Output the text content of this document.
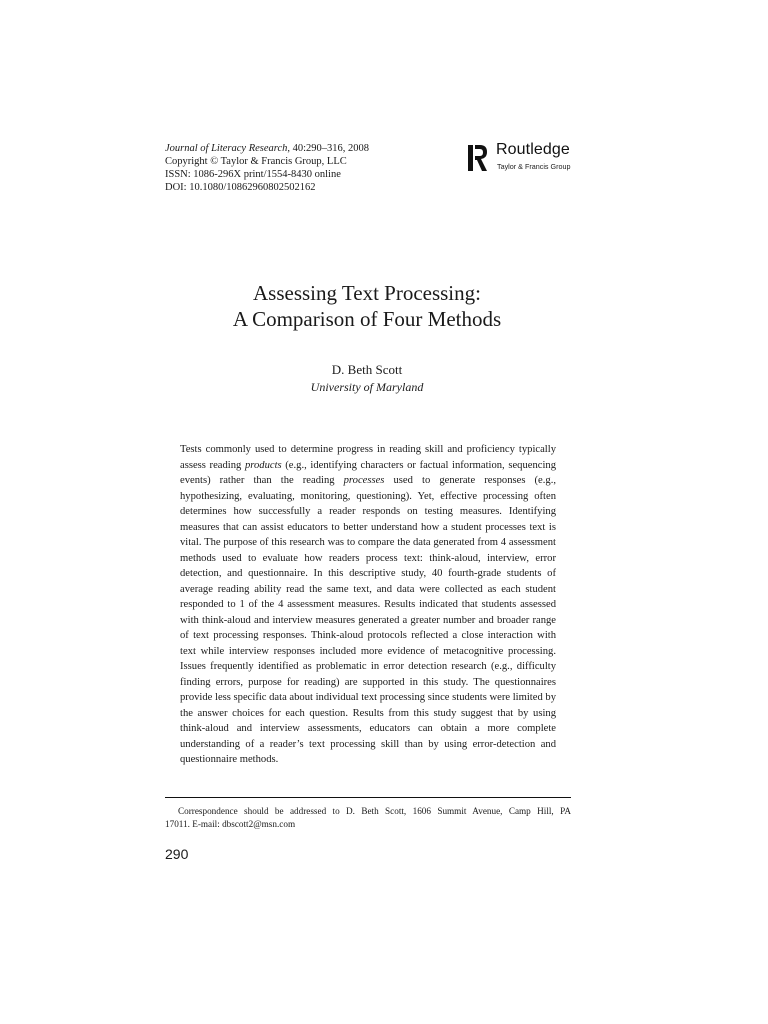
Journal of Literacy Research, 40:290–316, 2008
Copyright © Taylor & Francis Group, LLC
ISSN: 1086-296X print/1554-8430 online
DOI: 10.1080/10862960802502162
Routledge
Taylor & Francis Group
Assessing Text Processing:
A Comparison of Four Methods
D. Beth Scott
University of Maryland

Tests commonly used to determine progress in reading skill and proficiency typically assess reading products (e.g., identifying characters or factual information, sequencing events) rather than the reading processes used to generate responses (e.g., hypothesizing, evaluating, monitoring, questioning). Yet, effective processing often determines how successfully a reader responds on testing measures. Identifying measures that can assist educators to better understand how a student processes text is vital. The purpose of this research was to compare the data generated from 4 assessment methods used to evaluate how readers process text: think-aloud, interview, error detection, and questionnaire. In this descriptive study, 40 fourth-grade students of average reading ability read the same text, and data were collected as each student responded to 1 of the 4 assessment measures. Results indicated that students assessed with think-aloud and interview measures generated a greater number and broader range of text processing responses. Think-aloud protocols reflected a close interaction with text while interview responses included more evidence of metacognitive processing. Issues frequently identified as problematic in error detection research (e.g., difficulty finding errors, purpose for reading) are supported in this study. The questionnaires provide less specific data about individual text processing since students were limited by the answer choices for each question. Results from this study suggest that by using think-aloud and interview assessments, educators can obtain a more complete understanding of a reader’s text processing skill than by using error-detection and questionnaire methods.

Correspondence should be addressed to D. Beth Scott, 1606 Summit Avenue, Camp Hill, PA
17011. E-mail: dbscott2@msn.com
290
